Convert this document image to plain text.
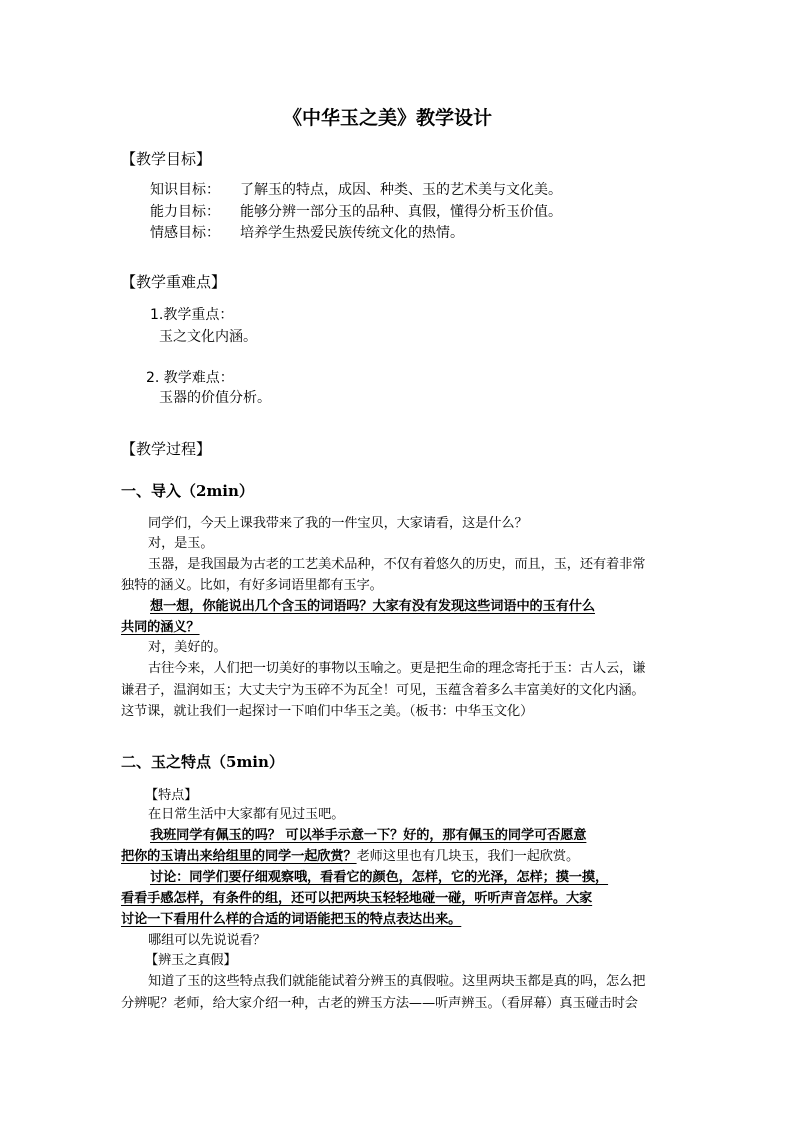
《中华玉之美》教学设计
【教学目标】
知识目标： 了解玉的特点，成因、种类、玉的艺术美与文化美。
能力目标： 能够分辨一部分玉的品种、真假，懂得分析玉价值。
情感目标： 培养学生热爱民族传统文化的热情。
【教学重难点】
1.教学重点：
玉之文化内涵。
2. 教学难点：
玉器的价值分析。
【教学过程】
一、导入（2min）
同学们，今天上课我带来了我的一件宝贝，大家请看，这是什么？
对，是玉。
玉器，是我国最为古老的工艺美术品种，不仅有着悠久的历史，而且，玉，还有着非常
独特的涵义。比如，有好多词语里都有玉字。
想一想，你能说出几个含玉的词语吗？大家有没有发现这些词语中的玉有什么
共同的涵义？
对，美好的。
古往今来，人们把一切美好的事物以玉喻之。更是把生命的理念寄托于玉：古人云，谦
谦君子，温润如玉；大丈夫宁为玉碎不为瓦全！可见，玉蕴含着多么丰富美好的文化内涵。
这节课，就让我们一起探讨一下咱们中华玉之美。（板书：中华玉文化）
二、玉之特点（5min）
【特点】
在日常生活中大家都有见过玉吧。
我班同学有佩玉的吗？ 可以举手示意一下？好的，那有佩玉的同学可否愿意
把你的玉请出来给组里的同学一起欣赏？老师这里也有几块玉，我们一起欣赏。
讨论：同学们要仔细观察哦，看看它的颜色，怎样，它的光泽，怎样；摸一摸，
看看手感怎样，有条件的组，还可以把两块玉轻轻地碰一碰，听听声音怎样。大家
讨论一下看用什么样的合适的词语能把玉的特点表达出来。
哪组可以先说说看？
【辨玉之真假】
知道了玉的这些特点我们就能能试着分辨玉的真假啦。这里两块玉都是真的吗，怎么把
分辨呢？老师，给大家介绍一种，古老的辨玉方法——听声辨玉。（看屏幕）真玉碰击时会
